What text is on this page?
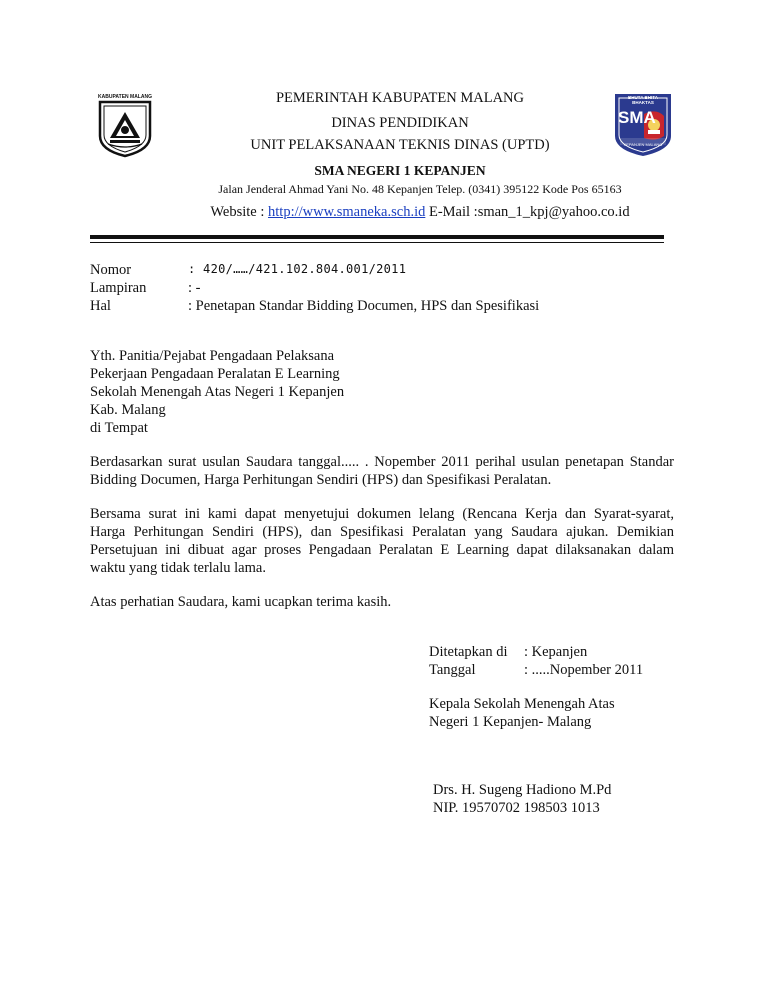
KABUPATEN MALANG	BHUTA BHITA BHAKTAS
SMA
KEPANJEN MALANG
PEMERINTAH KABUPATEN MALANG
DINAS PENDIDIKAN
UNIT PELAKSANAAN TEKNIS DINAS (UPTD)
SMA NEGERI 1 KEPANJEN
Jalan Jenderal Ahmad Yani No. 48 Kepanjen Telep. (0341) 395122 Kode Pos 65163
Website : http://www.smaneka.sch.id E-Mail :sman_1_kpj@yahoo.co.id
Nomor	: 420/……/421.102.804.001/2011
Lampiran	: -
Hal	: Penetapan Standar Bidding Documen, HPS dan Spesifikasi
Yth. Panitia/Pejabat Pengadaan Pelaksana
Pekerjaan Pengadaan Peralatan E Learning
Sekolah Menengah Atas Negeri 1 Kepanjen
Kab. Malang
di Tempat
Berdasarkan surat usulan Saudara tanggal..... . Nopember 2011 perihal usulan penetapan Standar
Bidding Documen, Harga Perhitungan Sendiri (HPS) dan Spesifikasi Peralatan.
Bersama surat ini kami dapat menyetujui dokumen lelang (Rencana Kerja dan Syarat-syarat,
Harga Perhitungan Sendiri (HPS), dan Spesifikasi Peralatan yang Saudara ajukan. Demikian
Persetujuan ini dibuat agar proses Pengadaan Peralatan E Learning dapat dilaksanakan dalam
waktu yang tidak terlalu lama.
Atas perhatian Saudara, kami ucapkan terima kasih.
Ditetapkan di : Kepanjen
Tanggal	: .....Nopember 2011
Kepala Sekolah Menengah Atas
Negeri 1 Kepanjen- Malang
Drs. H. Sugeng Hadiono M.Pd
NIP. 19570702 198503 1013
